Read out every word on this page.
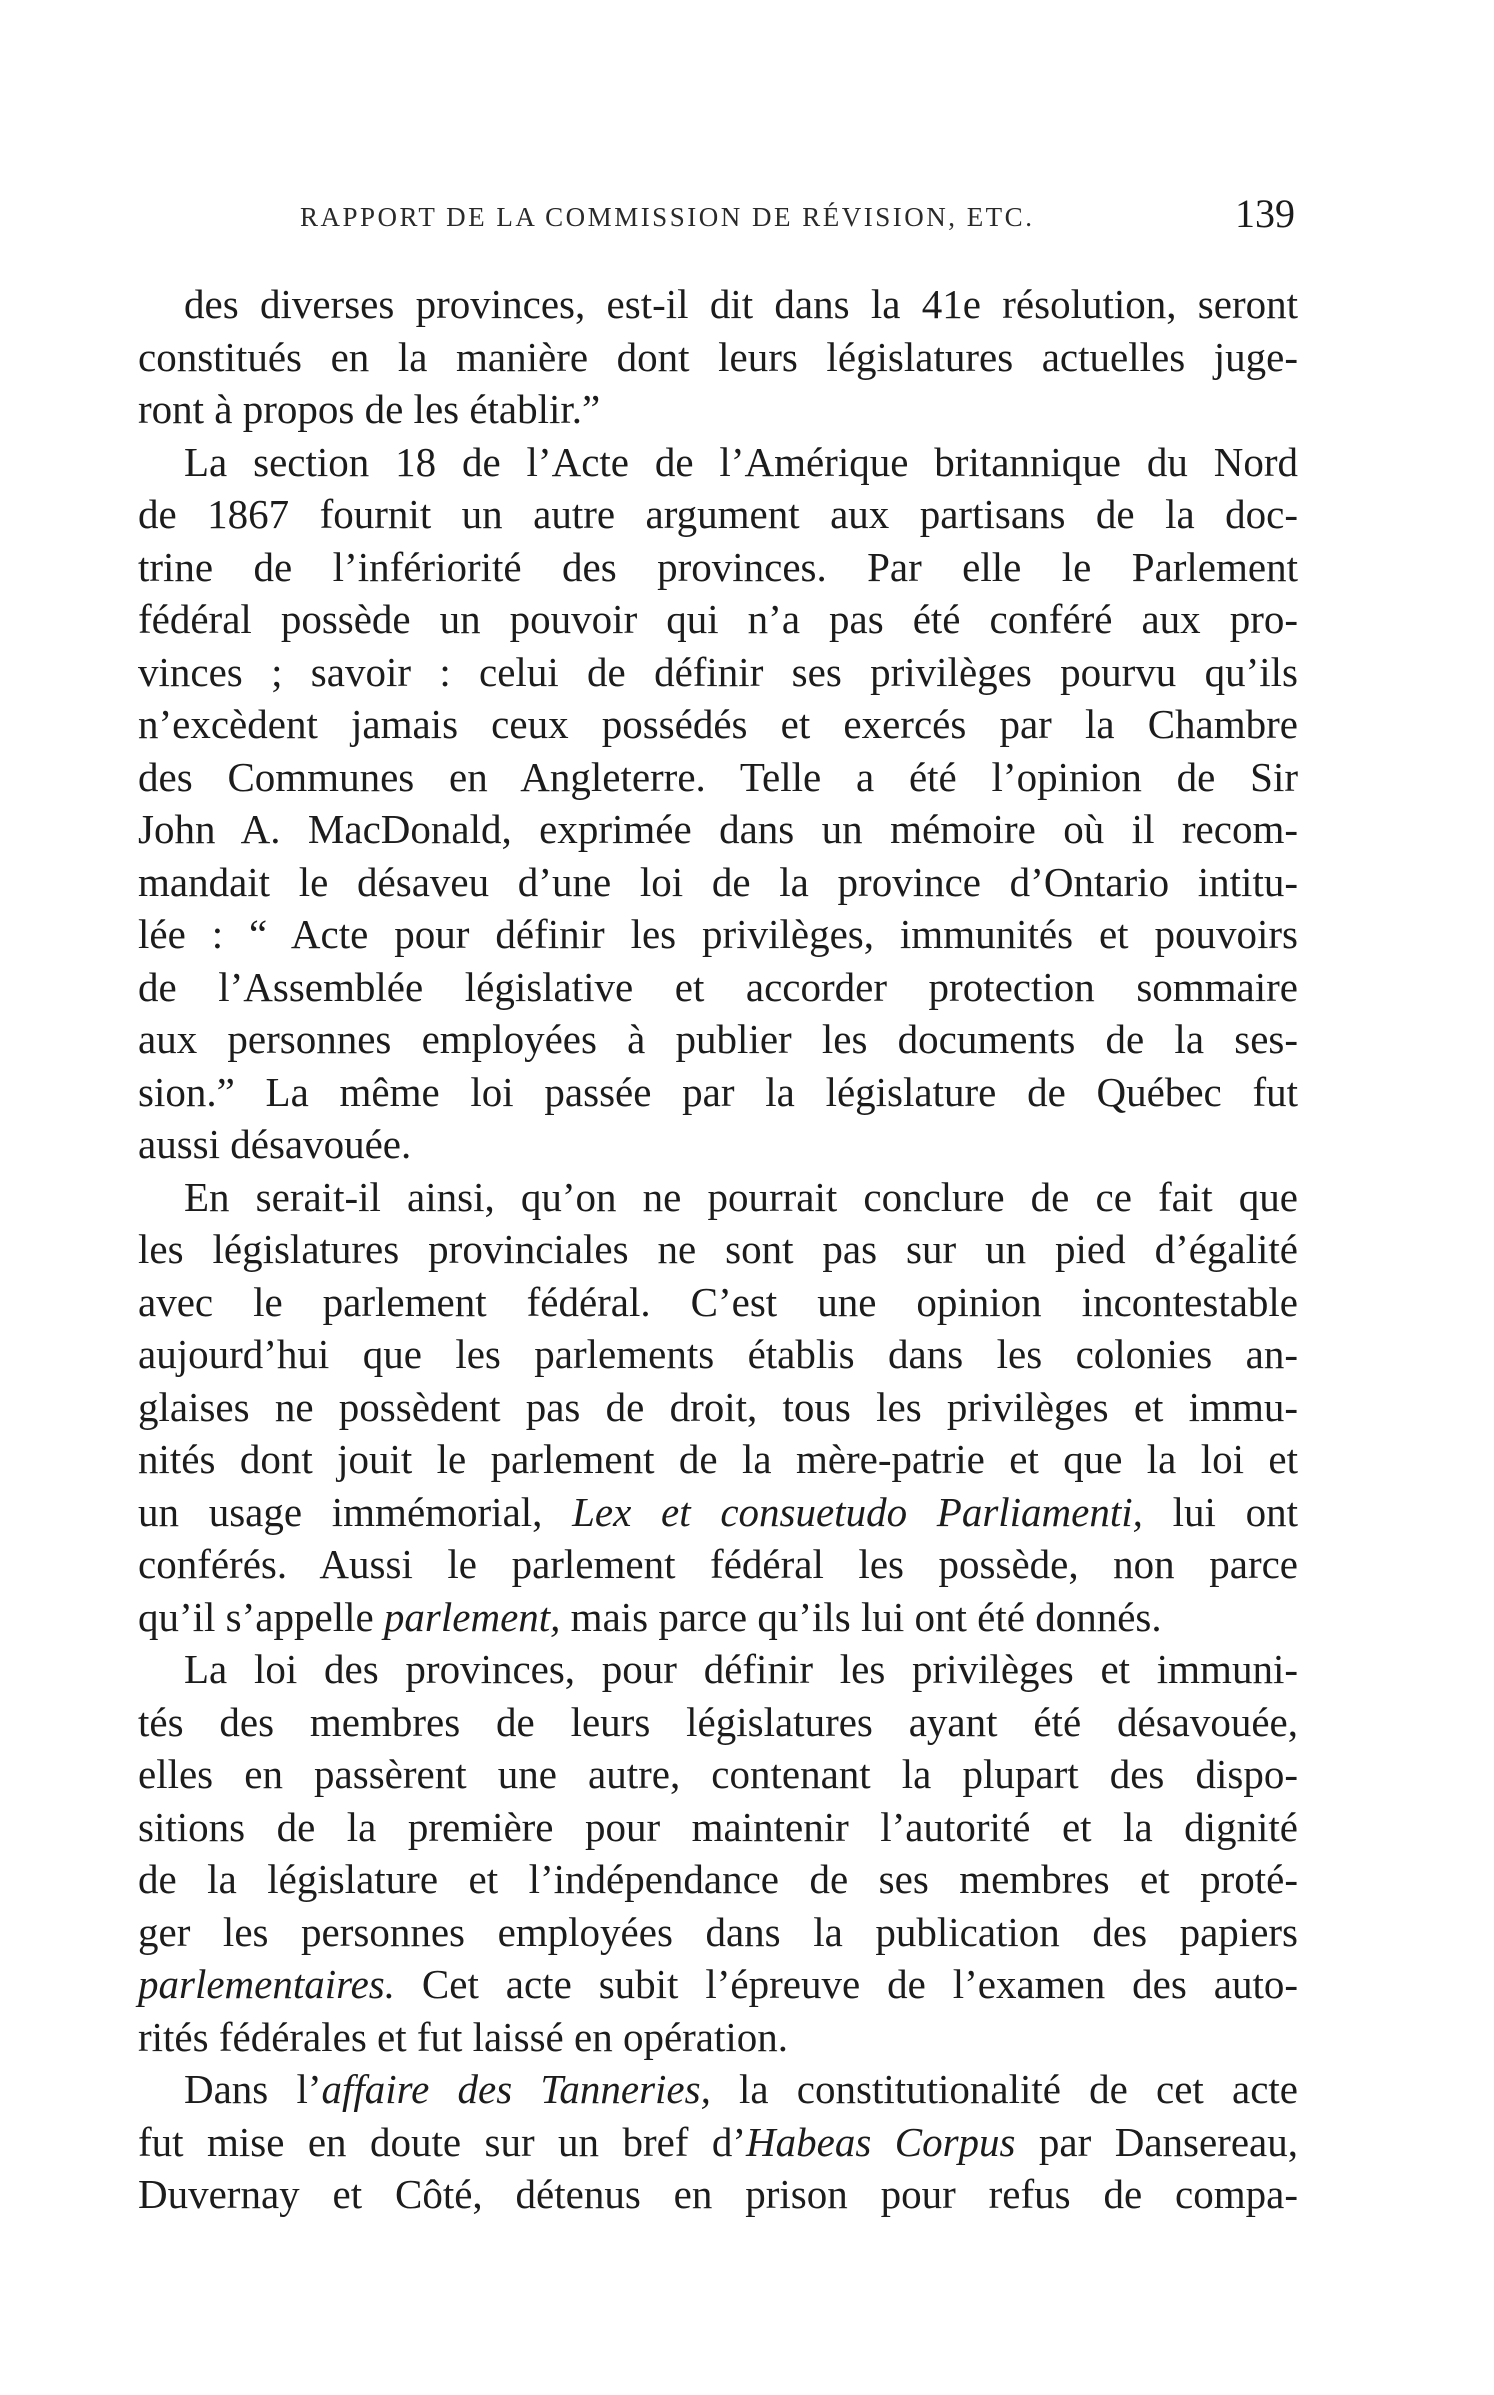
RAPPORT DE LA COMMISSION DE RÉVISION, ETC.	139
des diverses provinces, est-il dit dans la 41e résolution, seront
constitués en la manière dont leurs législatures actuelles juge-
ront à propos de les établir.”
La section 18 de l’Acte de l’Amérique britannique du Nord
de 1867 fournit un autre argument aux partisans de la doc-
trine de l’infériorité des provinces. Par elle le Parlement
fédéral possède un pouvoir qui n’a pas été conféré aux pro-
vinces ; savoir : celui de définir ses privilèges pourvu qu’ils
n’excèdent jamais ceux possédés et exercés par la Chambre
des Communes en Angleterre. Telle a été l’opinion de Sir
John A. MacDonald, exprimée dans un mémoire où il recom-
mandait le désaveu d’une loi de la province d’Ontario intitu-
lée : “ Acte pour définir les privilèges, immunités et pouvoirs
de l’Assemblée législative et accorder protection sommaire
aux personnes employées à publier les documents de la ses-
sion.” La même loi passée par la législature de Québec fut
aussi désavouée.
En serait-il ainsi, qu’on ne pourrait conclure de ce fait que
les législatures provinciales ne sont pas sur un pied d’égalité
avec le parlement fédéral. C’est une opinion incontestable
aujourd’hui que les parlements établis dans les colonies an-
glaises ne possèdent pas de droit, tous les privilèges et immu-
nités dont jouit le parlement de la mère-patrie et que la loi et
un usage immémorial, Lex et consuetudo Parliamenti, lui ont
conférés. Aussi le parlement fédéral les possède, non parce
qu’il s’appelle parlement, mais parce qu’ils lui ont été donnés.
La loi des provinces, pour définir les privilèges et immuni-
tés des membres de leurs législatures ayant été désavouée,
elles en passèrent une autre, contenant la plupart des dispo-
sitions de la première pour maintenir l’autorité et la dignité
de la législature et l’indépendance de ses membres et proté-
ger les personnes employées dans la publication des papiers
parlementaires. Cet acte subit l’épreuve de l’examen des auto-
rités fédérales et fut laissé en opération.
Dans l’affaire des Tanneries, la constitutionalité de cet acte
fut mise en doute sur un bref d’Habeas Corpus par Dansereau,
Duvernay et Côté, détenus en prison pour refus de compa-
